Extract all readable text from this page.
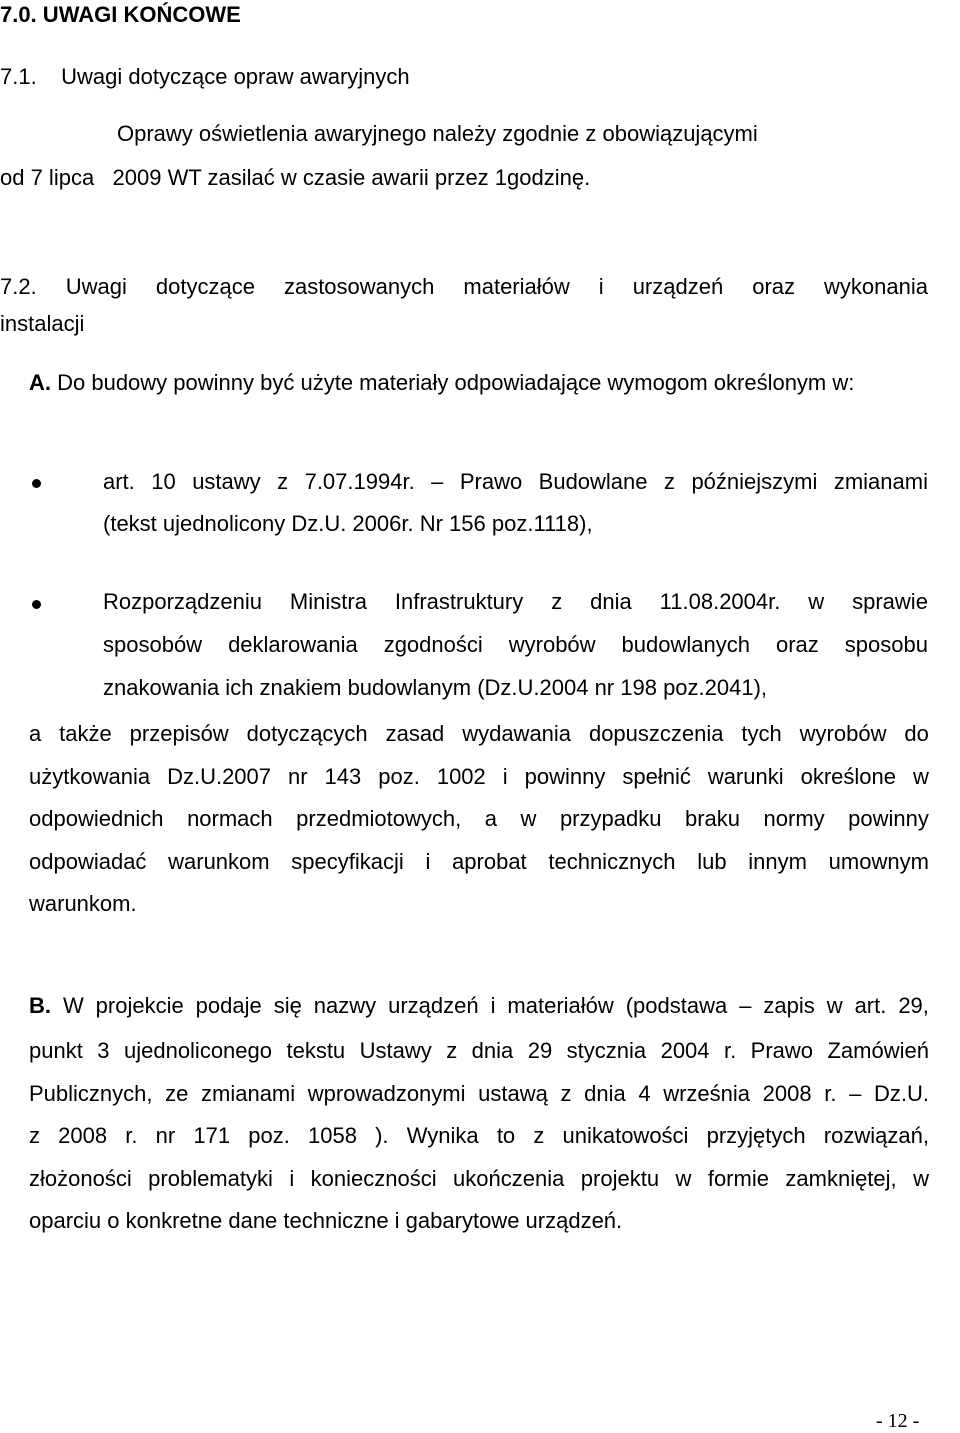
7.0. UWAGI KOŃCOWE
7.1. Uwagi dotyczące opraw awaryjnych
Oprawy oświetlenia awaryjnego należy zgodnie z obowiązującymi
od 7 lipca   2009 WT zasilać w czasie awarii przez 1godzinę.
7.2. Uwagi dotyczące zastosowanych materiałów i urządzeń oraz wykonania
instalacji
A. Do budowy powinny być użyte materiały odpowiadające wymogom określonym w:
art. 10 ustawy z 7.07.1994r. – Prawo Budowlane z późniejszymi zmianami
(tekst ujednolicony Dz.U. 2006r. Nr 156 poz.1118),
Rozporządzeniu Ministra Infrastruktury z dnia 11.08.2004r. w sprawie
sposobów deklarowania zgodności wyrobów budowlanych oraz sposobu
znakowania ich znakiem budowlanym (Dz.U.2004 nr 198 poz.2041),
a także przepisów dotyczących zasad wydawania dopuszczenia tych wyrobów do
użytkowania Dz.U.2007 nr 143 poz. 1002 i powinny spełnić warunki określone w
odpowiednich normach przedmiotowych, a w przypadku braku normy powinny
odpowiadać warunkom specyfikacji i aprobat technicznych lub innym umownym
warunkom.
B. W projekcie podaje się nazwy urządzeń i materiałów (podstawa – zapis w art. 29,
punkt 3 ujednoliconego tekstu Ustawy z dnia 29 stycznia 2004 r. Prawo Zamówień
Publicznych, ze zmianami wprowadzonymi ustawą z dnia 4 września 2008 r. – Dz.U.
z 2008 r. nr 171 poz. 1058 ). Wynika to z unikatowości przyjętych rozwiązań,
złożoności problematyki i konieczności ukończenia projektu w formie zamkniętej, w
oparciu o konkretne dane techniczne i gabarytowe urządzeń.
- 12 -
